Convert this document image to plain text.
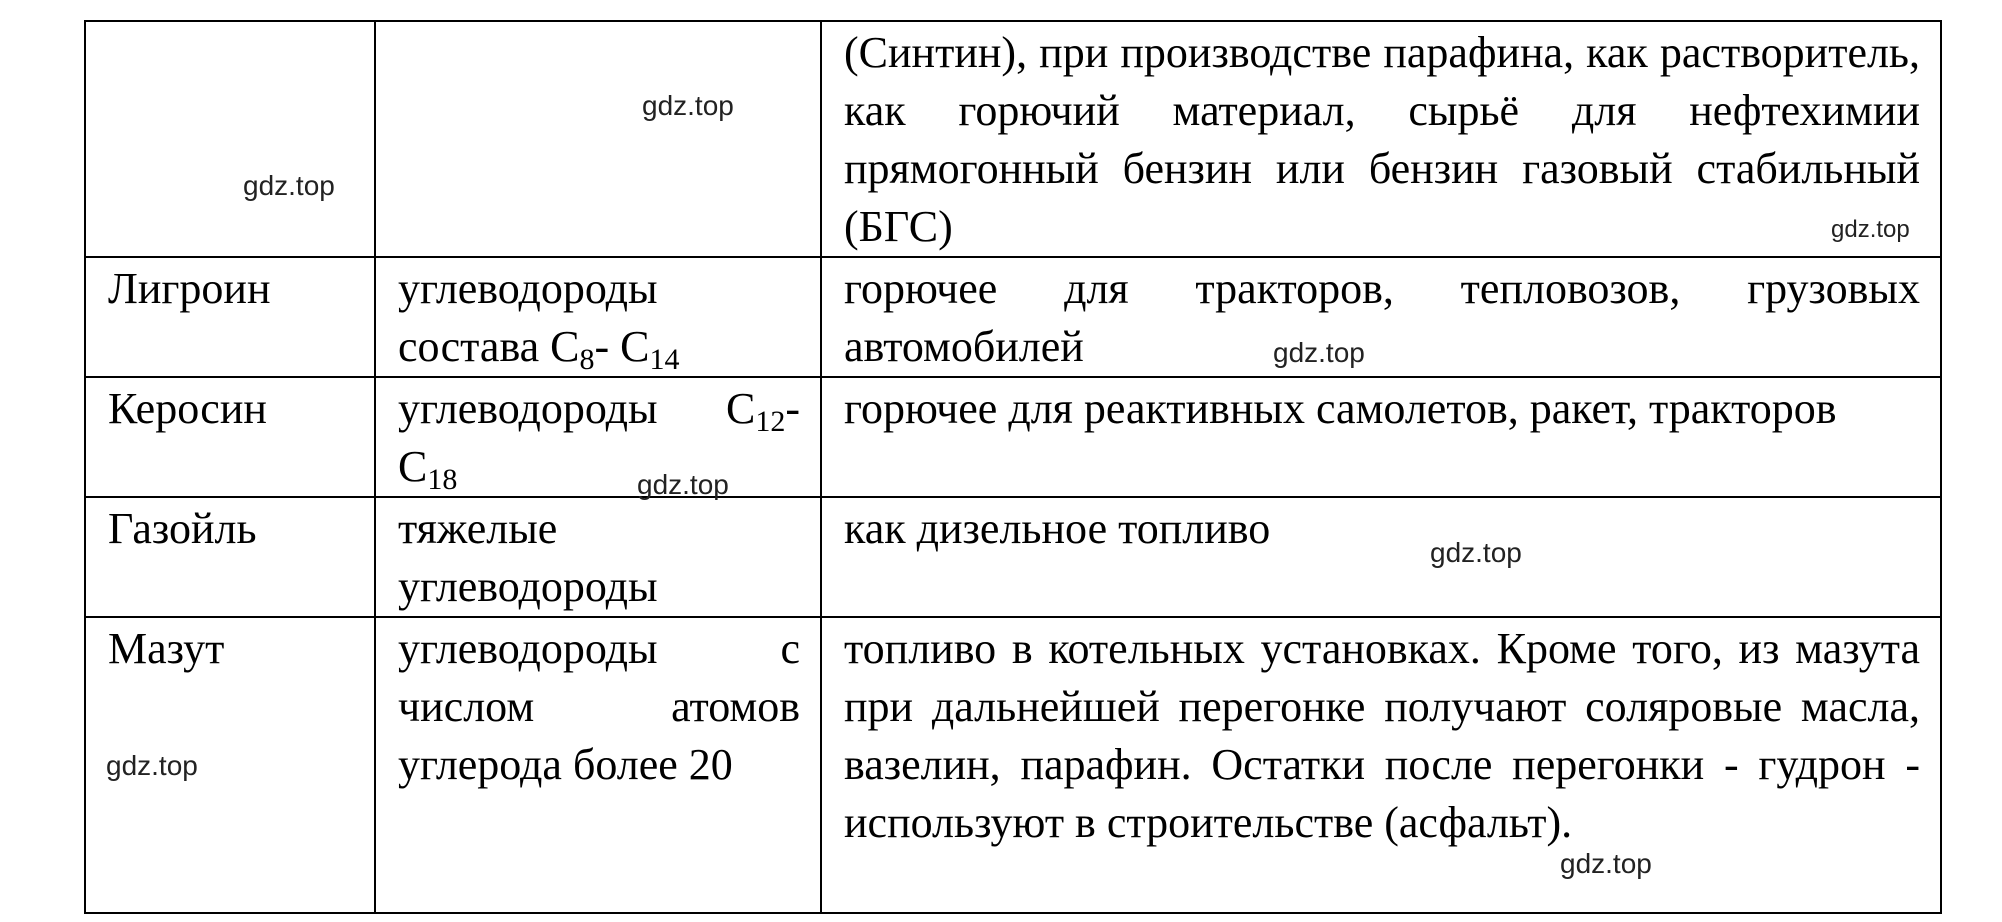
		(Синтин), при производстве парафина, как растворитель, как горючий материал, сырьё для нефтехимии прямогонный бензин или бензин газовый стабильный (БГС)
Лигроин	углеводороды состава $C_8-$ $C_{14}$	горючее для тракторов, тепловозов, грузовых автомобилей
Керосин	углеводороды $C_{12}-$ $C_{18}$	горючее для реактивных самолетов, ракет, тракторов
Газойль	тяжелые углеводороды	как дизельное топливо
Мазут	углеводороды с числом атомов углерода более 20	топливо в котельных установках. Кроме того, из мазута при дальнейшей перегонке получают соляровые масла, вазелин, парафин. Остатки после перегонки - гудрон - используют в строительстве (асфальт).
gdz.top
gdz.top
gdz.top
gdz.top
gdz.top
gdz.top
gdz.top
gdz.top
